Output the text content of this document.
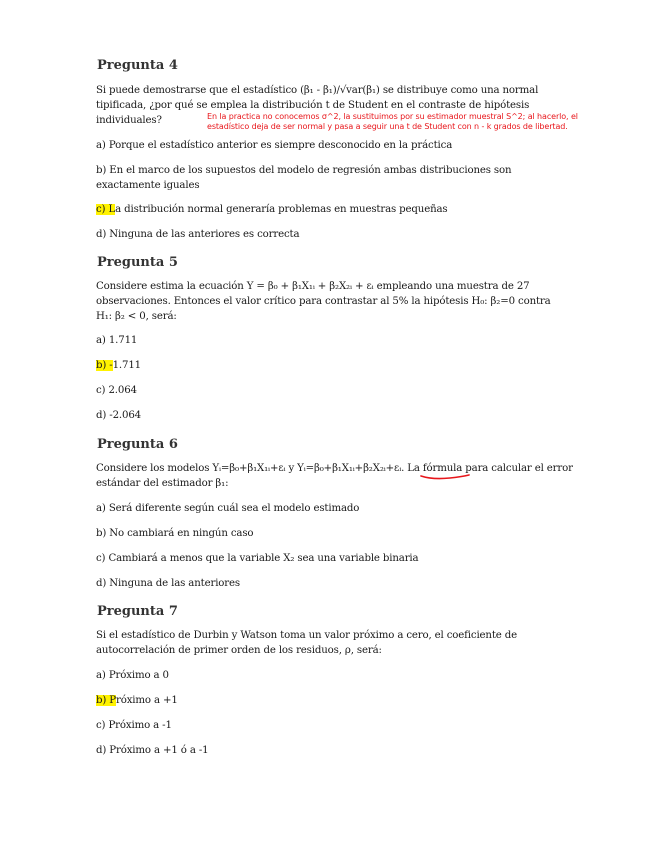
Pregunta 4
Si puede demostrarse que el estadístico (β₁ - β₁)/√var(β₁) se distribuye como una normal
tipificada, ¿por qué se emplea la distribución t de Student en el contraste de hipótesis
individuales?	En la practica no conocemos σ^2, la sustituimos por su estimador muestral S^2; al hacerlo, el estadístico deja de ser normal y pasa a seguir una t de Student con n - k grados de libertad.
a) Porque el estadístico anterior es siempre desconocido en la práctica
b) En el marco de los supuestos del modelo de regresión ambas distribuciones son
exactamente iguales
c) La distribución normal generaría problemas en muestras pequeñas
d) Ninguna de las anteriores es correcta
Pregunta 5
Considere estima la ecuación Y = β₀ + β₁X₁ᵢ + β₂X₂ᵢ + εᵢ empleando una muestra de 27
observaciones. Entonces el valor crítico para contrastar al 5% la hipótesis H₀: β₂=0 contra
H₁: β₂ < 0, será:
a) 1.711
b) -1.711
c) 2.064
d) -2.064
Pregunta 6
Considere los modelos Yᵢ=β₀+β₁X₁ᵢ+εᵢ y Yᵢ=β₀+β₁X₁ᵢ+β₂X₂ᵢ+εᵢ. La fórmula
para calcular el error
estándar del estimador β₁:
a) Será diferente según cuál sea el modelo estimado
b) No cambiará en ningún caso
c) Cambiará a menos que la variable X₂ sea una variable binaria
d) Ninguna de las anteriores
Pregunta 7
Si el estadístico de Durbin y Watson toma un valor próximo a cero, el coeficiente de
autocorrelación de primer orden de los residuos, ρ, será:
a) Próximo a 0
b) Próximo a +1
c) Próximo a -1
d) Próximo a +1 ó a -1
